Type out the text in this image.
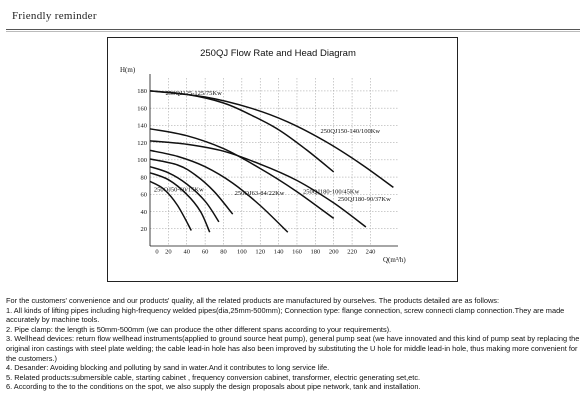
Friendly reminder
250QJ Flow Rate and Head Diagram
20 40 60 80 100 120 140 160 180 200 220 240
0
20
40
60
80
100
120
140
160
180	250QJ125-125/75Kw
250QJ150-140/100Kw
250QJ180-100/45Kw
250QJ180-90/37Kw
250QJ63-84/22Kw
250QJ50-60/15Kw
H(m)
Q(m³/h)

For the customers' convenience and our products' quality, all the related products are manufactured by ourselves. The products detailed are as follows:

1. All kinds of lifting pipes including high-frequency welded pipes(dia,25mm-500mm); Connection type: flange connection, screw connecti clamp connection.They are made accurately by machine tools.

2. Pipe clamp: the length is 50mm-500mm (we can produce the other different spans according to your requirements).

3. Wellhead devices: return flow wellhead instruments(applied to ground source heat pump), general pump seat (we have innovated and this kind of pump seat by replacing the original iron castings with steel plate welding; the cable lead-in hole has also been improved by substituting the U hole for middle lead-in hole, thus making more convenient for the customers.)

4. Desander: Avoiding blocking and polluting by sand in water.And it contributes to long service life.

5. Related products:submersible cable, starting cabinet , frequency conversion cabinet, transformer, electric generating set,etc.

6. According to the to the conditions on the spot, we also supply the design proposals about pipe network, tank and installation.
